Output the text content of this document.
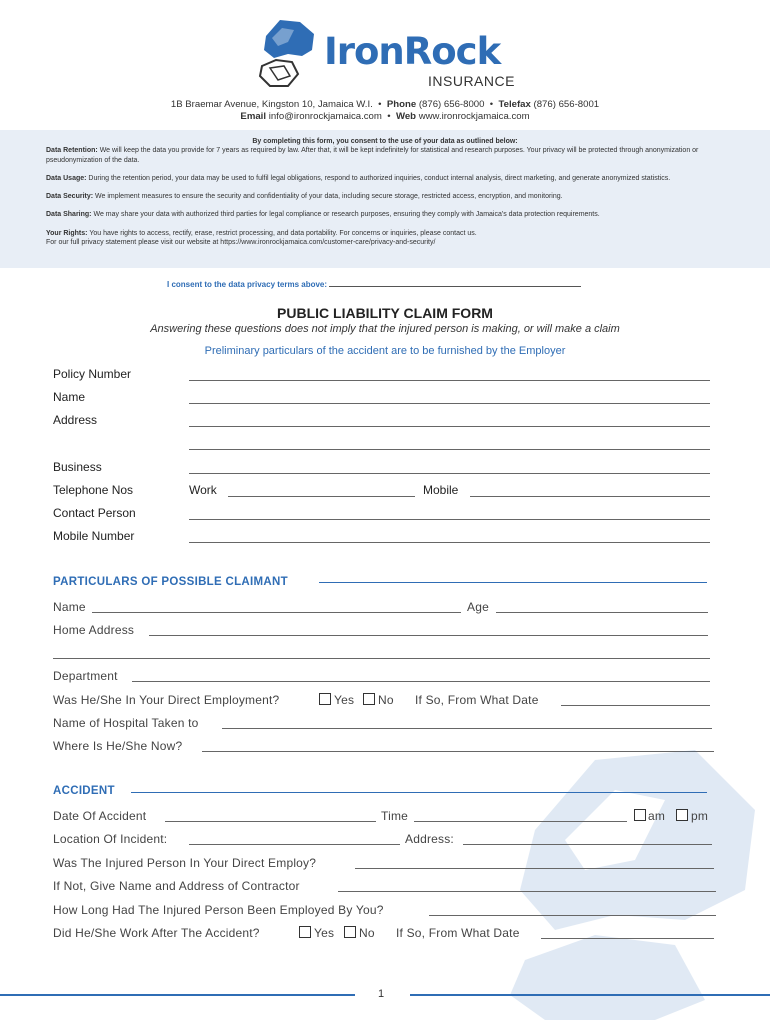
IronRock
INSURANCE
1B Braemar Avenue, Kingston 10, Jamaica W.I. • Phone (876) 656-8000 • Telefax (876) 656-8001
Email info@ironrockjamaica.com • Web www.ironrockjamaica.com

By completing this form, you consent to the use of your data as outlined below:

Data Retention: We will keep the data you provide for 7 years as required by law. After that, it will be kept indefinitely for statistical and research purposes. Your privacy will be protected through anonymization or pseudonymization of the data.

Data Usage: During the retention period, your data may be used to fulfil legal obligations, respond to authorized inquiries, conduct internal analysis, direct marketing, and generate anonymized statistics.

Data Security: We implement measures to ensure the security and confidentiality of your data, including secure storage, restricted access, encryption, and monitoring.

Data Sharing: We may share your data with authorized third parties for legal compliance or research purposes, ensuring they comply with Jamaica's data protection requirements.

Your Rights: You have rights to access, rectify, erase, restrict processing, and data portability. For concerns or inquiries, please contact us.

For our full privacy statement please visit our website at https://www.ironrockjamaica.com/customer-care/privacy-and-security/

I consent to the data privacy terms above:
PUBLIC LIABILITY CLAIM FORM
Answering these questions does not imply that the injured person is making, or will make a claim
Preliminary particulars of the accident are to be furnished by the Employer
Policy Number
Name
Address
Business
Telephone Nos	Work	Mobile
Contact Person
Mobile Number
PARTICULARS OF POSSIBLE CLAIMANT
Name	Age
Home Address
Department
Was He/She In Your Direct Employment?	Yes No If So, From What Date
Name of Hospital Taken to
Where Is He/She Now?
ACCIDENT
Date Of Accident	Time	am pm
Location Of Incident:	Address:
Was The Injured Person In Your Direct Employ?
If Not, Give Name and Address of Contractor
How Long Had The Injured Person Been Employed By You?
Did He/She Work After The Accident?	Yes No If So, From What Date
1
